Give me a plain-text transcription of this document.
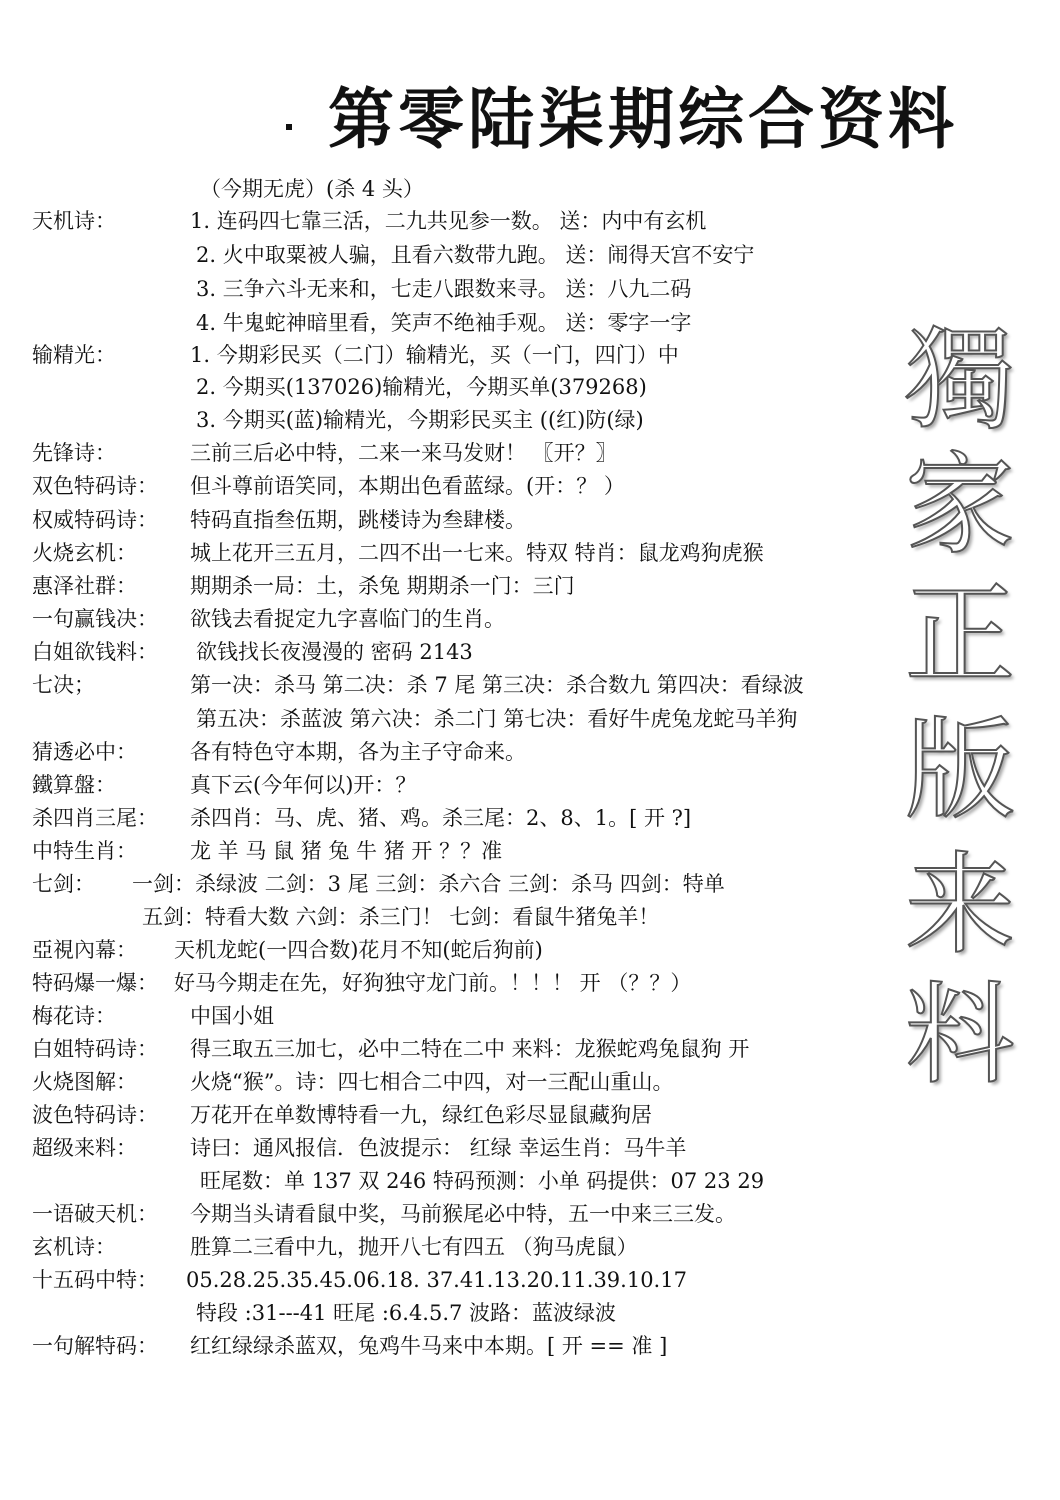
第零陆柒期综合资料
（今期无虎）(杀 4 头）
天机诗：	1. 连码四七靠三活，二九共见参一数。 送：内中有玄机
2. 火中取粟被人骗，且看六数带九跑。 送：闹得天宫不安宁
3. 三争六斗无来和，七走八跟数来寻。 送：八九二码
4. 牛鬼蛇神暗里看，笑声不绝袖手观。 送：零字一字
输精光：	1. 今期彩民买（二门）输精光，买（一门，四门）中
2. 今期买(137026)输精光，今期买单(379268)
3. 今期买(蓝)输精光，今期彩民买主 ((红)防(绿)
先锋诗：	三前三后必中特，二来一来马发财！ 〖开？〗
双色特码诗： 但斗尊前语笑同，本期出色看蓝绿。(开：？ ）
权威特码诗： 特码直指叁伍期，跳楼诗为叁肆楼。
火烧玄机：	城上花开三五月，二四不出一七来。特双 特肖：鼠龙鸡狗虎猴
惠泽社群：	期期杀一局：土，杀兔 期期杀一门：三门
一句赢钱决： 欲钱去看捉定九字喜临门的生肖。
白姐欲钱料： 欲钱找长夜漫漫的 密码 2143
七决；	第一决：杀马 第二决：杀 7 尾 第三决：杀合数九 第四决：看绿波
第五决：杀蓝波 第六决：杀二门 第七决：看好牛虎兔龙蛇马羊狗
猜透必中：	各有特色守本期，各为主子守命来。
鐵算盤：	真下云(今年何以)开：？
杀四肖三尾： 杀四肖：马、虎、猪、鸡。杀三尾：2、8、1。[ 开 ?]
中特生肖：	龙 羊 马 鼠 猪 兔 牛 猪 开 ？？准
七剑： 一剑：杀绿波 二剑：3 尾 三剑：杀六合 三剑：杀马 四剑：特单
五剑：特看大数 六剑：杀三门！ 七剑：看鼠牛猪兔羊！
亞視內幕： 天机龙蛇(一四合数)花月不知(蛇后狗前)
特码爆一爆： 好马今期走在先，好狗独守龙门前。！！！ 开 （？？）
梅花诗：	中国小姐
白姐特码诗： 得三取五三加七，必中二特在二中 来料：龙猴蛇鸡兔鼠狗 开
火烧图解：	火烧“猴”。诗：四七相合二中四，对一三配山重山。
波色特码诗： 万花开在单数博特看一九，绿红色彩尽显鼠藏狗居
超级来料：	诗曰：通风报信．色波提示： 红绿 幸运生肖：马牛羊
旺尾数：单 137 双 246 特码预测：小单 码提供：07 23 29
一语破天机： 今期当头请看鼠中奖，马前猴尾必中特，五一中来三三发。
玄机诗：	胜算二三看中九，抛开八七有四五 （狗马虎鼠）
十五码中特： 05.28.25.35.45.06.18. 37.41.13.20.11.39.10.17
特段 :31---41 旺尾 :6.4.5.7 波路：蓝波绿波
一句解特码： 红红绿绿杀蓝双，兔鸡牛马来中本期。[ 开 == 准 ]
獨
家
正
版
来
料
